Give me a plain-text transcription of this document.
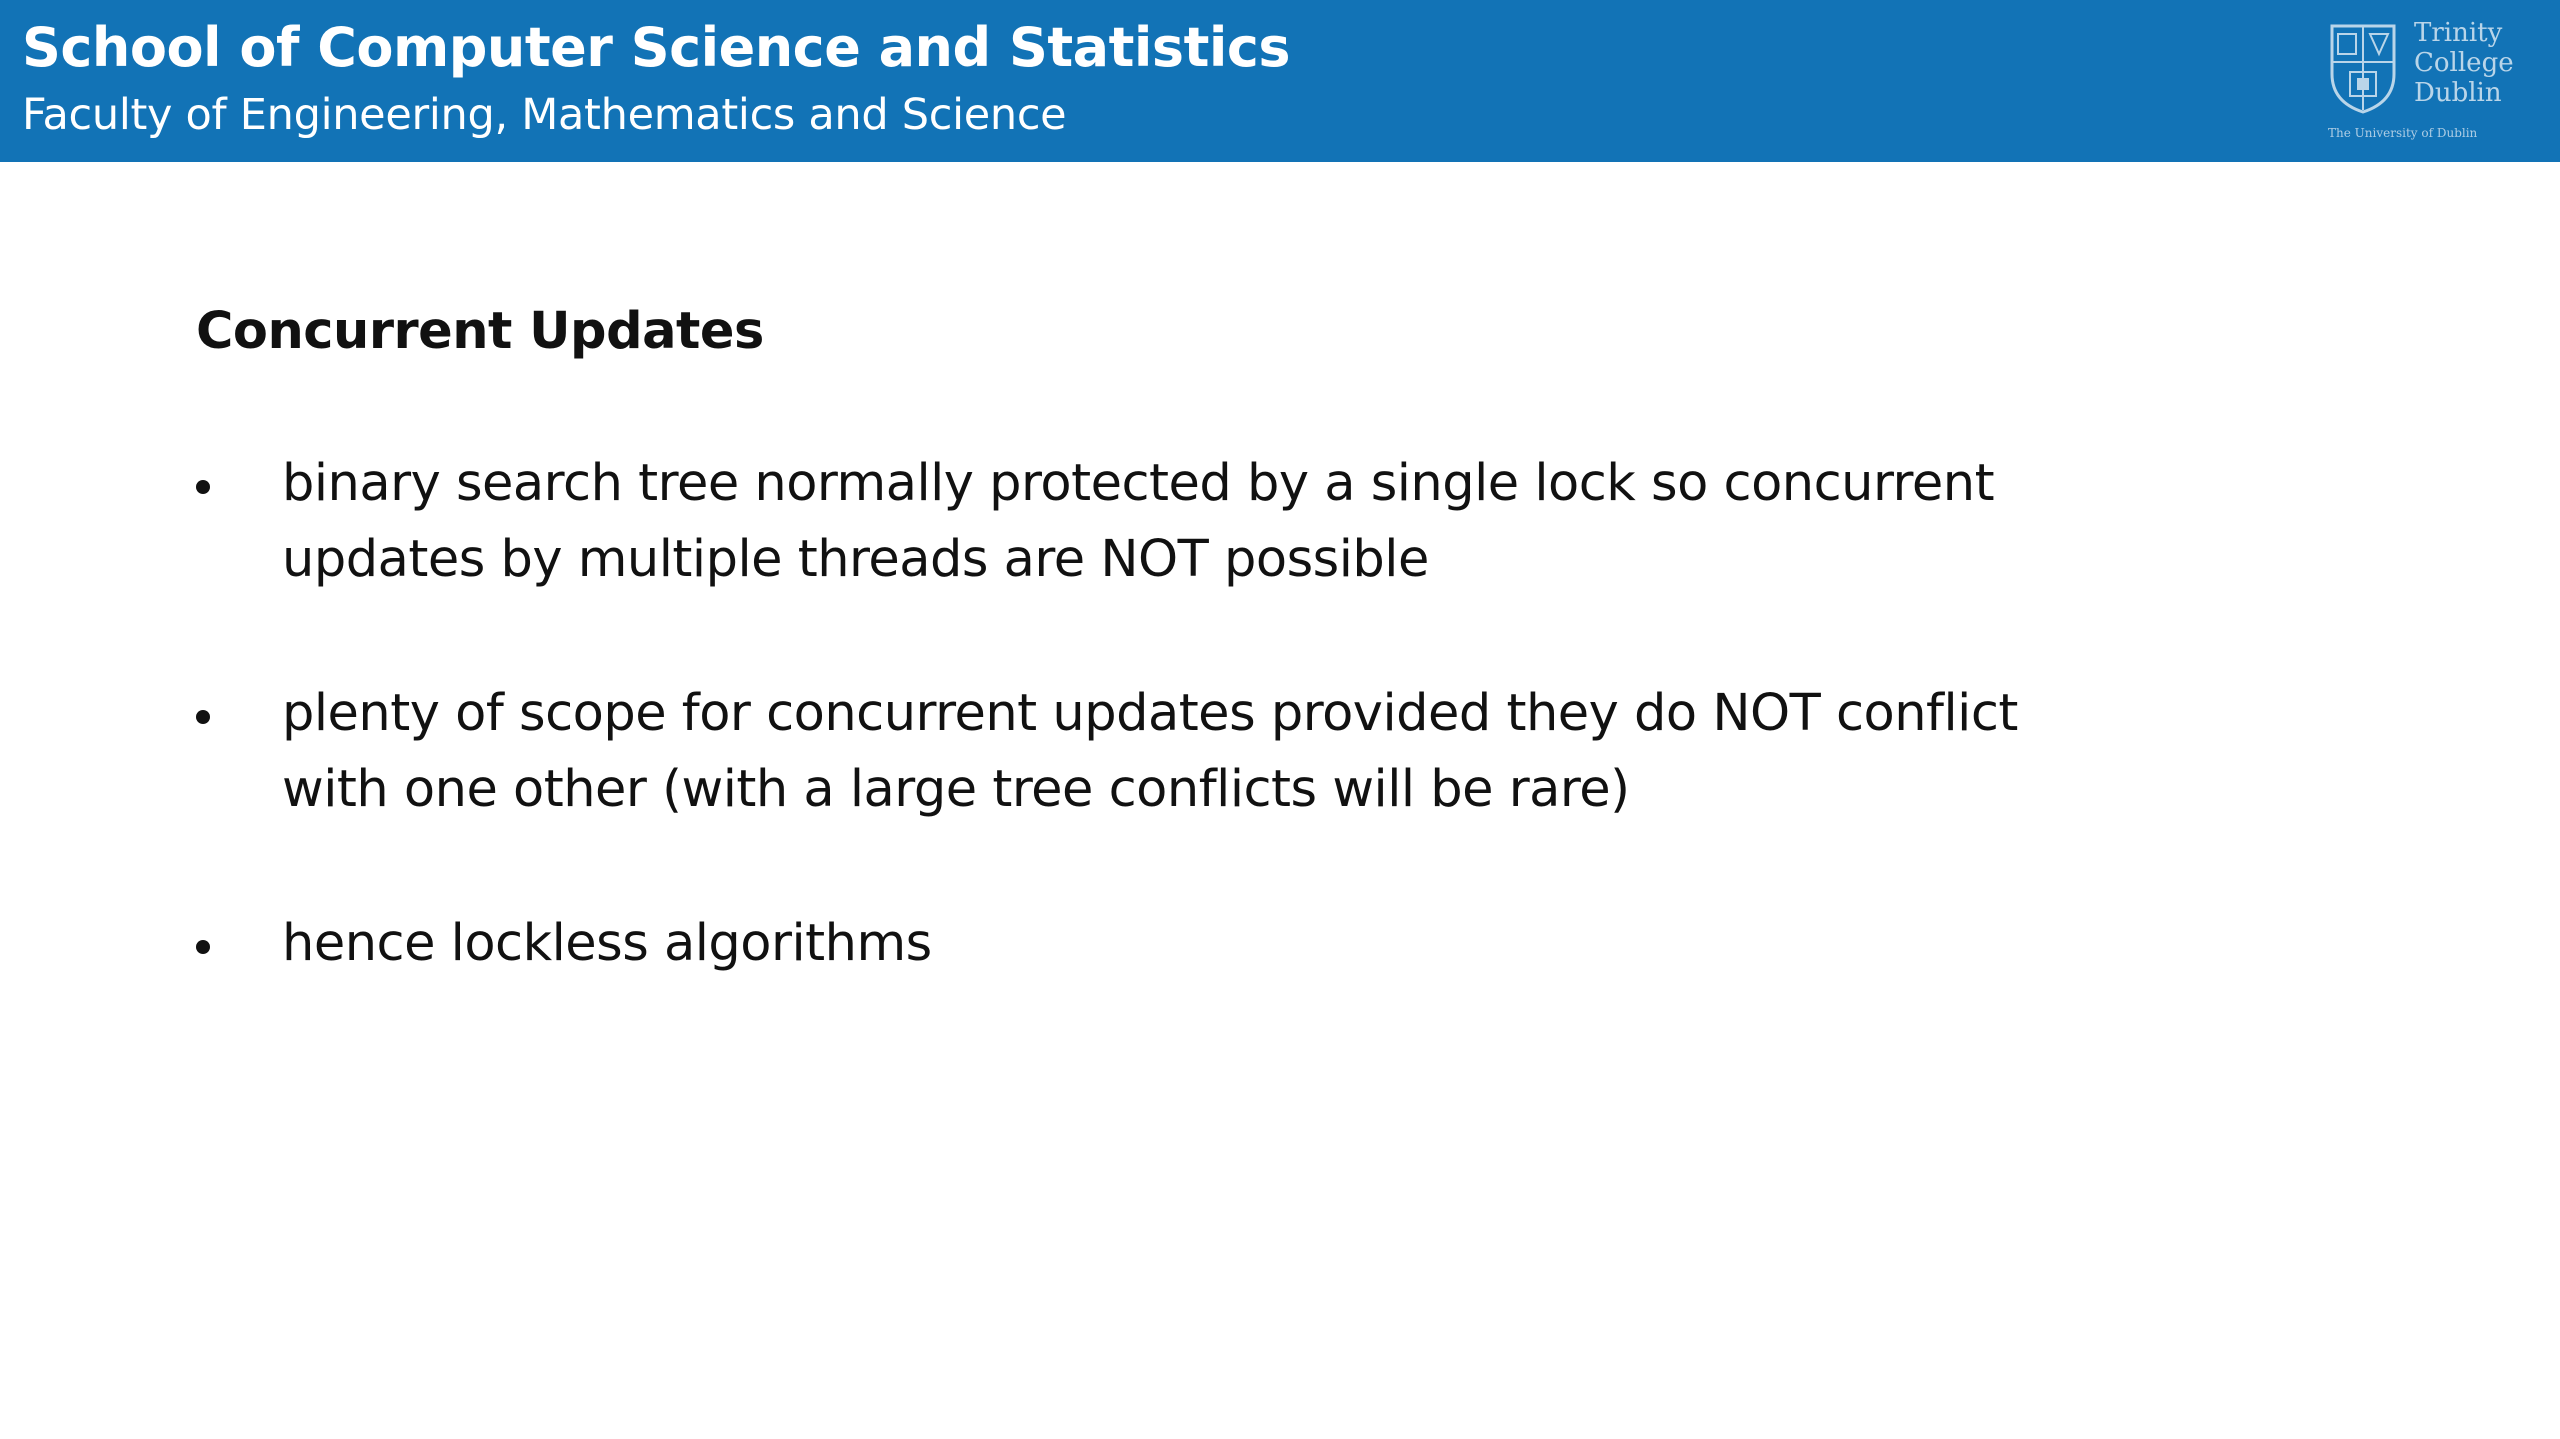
School of Computer Science and Statistics
Faculty of Engineering, Mathematics and Science
Trinity
College
Dublin
The University of Dublin
Concurrent Updates
binary search tree normally protected by a single lock so concurrent
updates by multiple threads are NOT possible
plenty of scope for concurrent updates provided they do NOT conflict
with one other (with a large tree conflicts will be rare)
hence lockless algorithms
